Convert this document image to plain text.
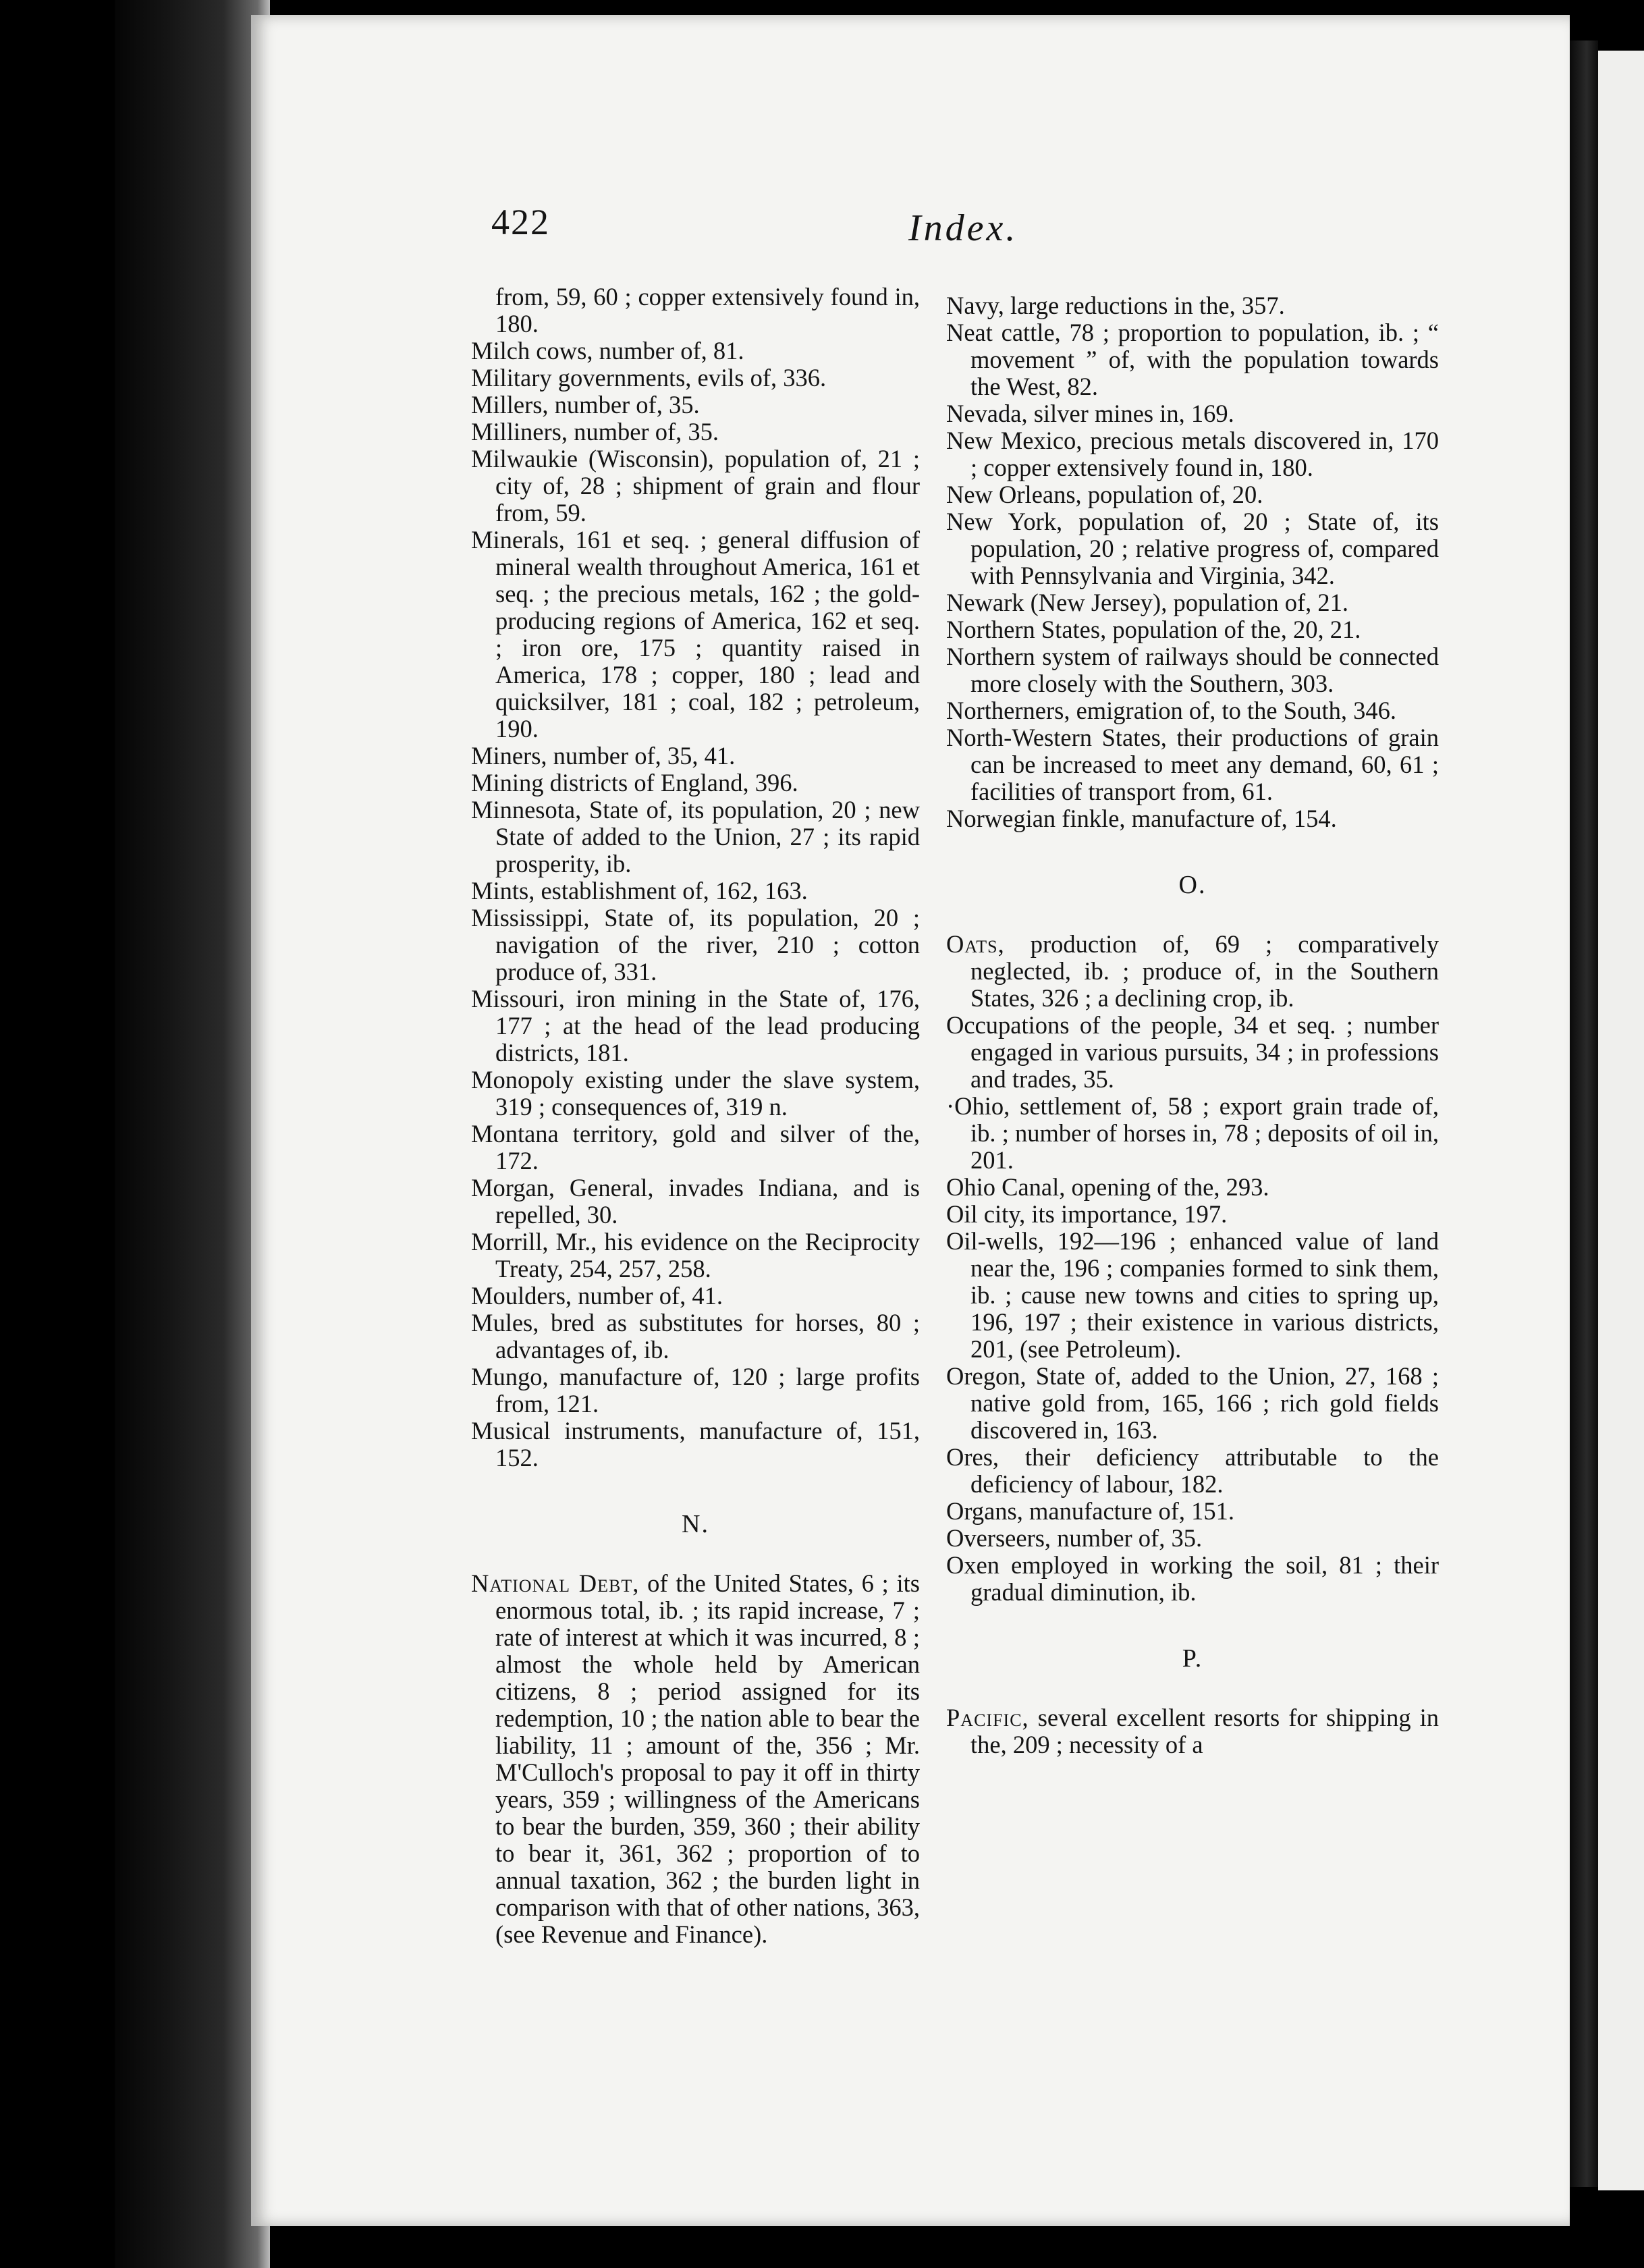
422	Index.

from, 59, 60 ; copper extensively found in, 180.

Milch cows, number of, 81.

Military governments, evils of, 336.

Millers, number of, 35.

Milliners, number of, 35.

Milwaukie (Wisconsin), population of, 21 ; city of, 28 ; shipment of grain and flour from, 59.

Minerals, 161 et seq. ; general diffusion of mineral wealth throughout America, 161 et seq. ; the precious metals, 162 ; the gold-producing regions of America, 162 et seq. ; iron ore, 175 ; quantity raised in America, 178 ; copper, 180 ; lead and quicksilver, 181 ; coal, 182 ; petroleum, 190.

Miners, number of, 35, 41.

Mining districts of England, 396.

Minnesota, State of, its population, 20 ; new State of added to the Union, 27 ; its rapid prosperity, ib.

Mints, establishment of, 162, 163.

Mississippi, State of, its population, 20 ; navigation of the river, 210 ; cotton produce of, 331.

Missouri, iron mining in the State of, 176, 177 ; at the head of the lead producing districts, 181.

Monopoly existing under the slave system, 319 ; consequences of, 319 n.

Montana territory, gold and silver of the, 172.

Morgan, General, invades Indiana, and is repelled, 30.

Morrill, Mr., his evidence on the Reciprocity Treaty, 254, 257, 258.

Moulders, number of, 41.

Mules, bred as substitutes for horses, 80 ; advantages of, ib.

Mungo, manufacture of, 120 ; large profits from, 121.

Musical instruments, manufacture of, 151, 152.

N.

National Debt, of the United States, 6 ; its enormous total, ib. ; its rapid increase, 7 ; rate of interest at which it was incurred, 8 ; almost the whole held by American citizens, 8 ; period assigned for its redemption, 10 ; the nation able to bear the liability, 11 ; amount of the, 356 ; Mr. M'Culloch's proposal to pay it off in thirty years, 359 ; willingness of the Americans to bear the burden, 359, 360 ; their ability to bear it, 361, 362 ; proportion of to annual taxation, 362 ; the burden light in comparison with that of other nations, 363, (see Revenue and Finance).

Navy, large reductions in the, 357.

Neat cattle, 78 ; proportion to population, ib. ; “ movement ” of, with the population towards the West, 82.

Nevada, silver mines in, 169.

New Mexico, precious metals discovered in, 170 ; copper extensively found in, 180.

New Orleans, population of, 20.

New York, population of, 20 ; State of, its population, 20 ; relative progress of, compared with Pennsylvania and Virginia, 342.

Newark (New Jersey), population of, 21.

Northern States, population of the, 20, 21.

Northern system of railways should be connected more closely with the Southern, 303.

Northerners, emigration of, to the South, 346.

North-Western States, their productions of grain can be increased to meet any demand, 60, 61 ; facilities of transport from, 61.

Norwegian finkle, manufacture of, 154.

O.

Oats, production of, 69 ; comparatively neglected, ib. ; produce of, in the Southern States, 326 ; a declining crop, ib.

Occupations of the people, 34 et seq. ; number engaged in various pursuits, 34 ; in professions and trades, 35.

·Ohio, settlement of, 58 ; export grain trade of, ib. ; number of horses in, 78 ; deposits of oil in, 201.

Ohio Canal, opening of the, 293.

Oil city, its importance, 197.

Oil-wells, 192—196 ; enhanced value of land near the, 196 ; companies formed to sink them, ib. ; cause new towns and cities to spring up, 196, 197 ; their existence in various districts, 201, (see Petroleum).

Oregon, State of, added to the Union, 27, 168 ; native gold from, 165, 166 ; rich gold fields discovered in, 163.

Ores, their deficiency attributable to the deficiency of labour, 182.

Organs, manufacture of, 151.

Overseers, number of, 35.

Oxen employed in working the soil, 81 ; their gradual diminution, ib.

P.

Pacific, several excellent resorts for shipping in the, 209 ; necessity of a
